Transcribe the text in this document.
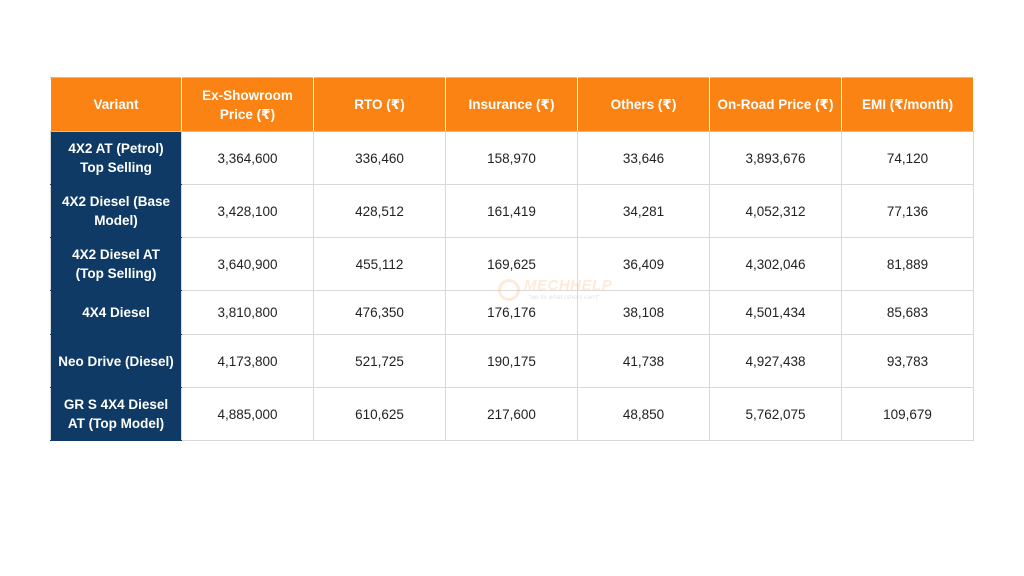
Variant	Ex-Showroom Price (₹)	RTO (₹)	Insurance (₹)	Others (₹)	On-Road Price (₹)	EMI (₹/month)
4X2 AT (Petrol) Top Selling	3,364,600	336,460	158,970	33,646	3,893,676	74,120
4X2 Diesel (Base Model)	3,428,100	428,512	161,419	34,281	4,052,312	77,136
4X2 Diesel AT (Top Selling)	3,640,900	455,112	169,625	36,409	4,302,046	81,889
4X4 Diesel	3,810,800	476,350	176,176	38,108	4,501,434	85,683
Neo Drive (Diesel)	4,173,800	521,725	190,175	41,738	4,927,438	93,783
GR S 4X4 Diesel AT (Top Model)	4,885,000	610,625	217,600	48,850	5,762,075	109,679
